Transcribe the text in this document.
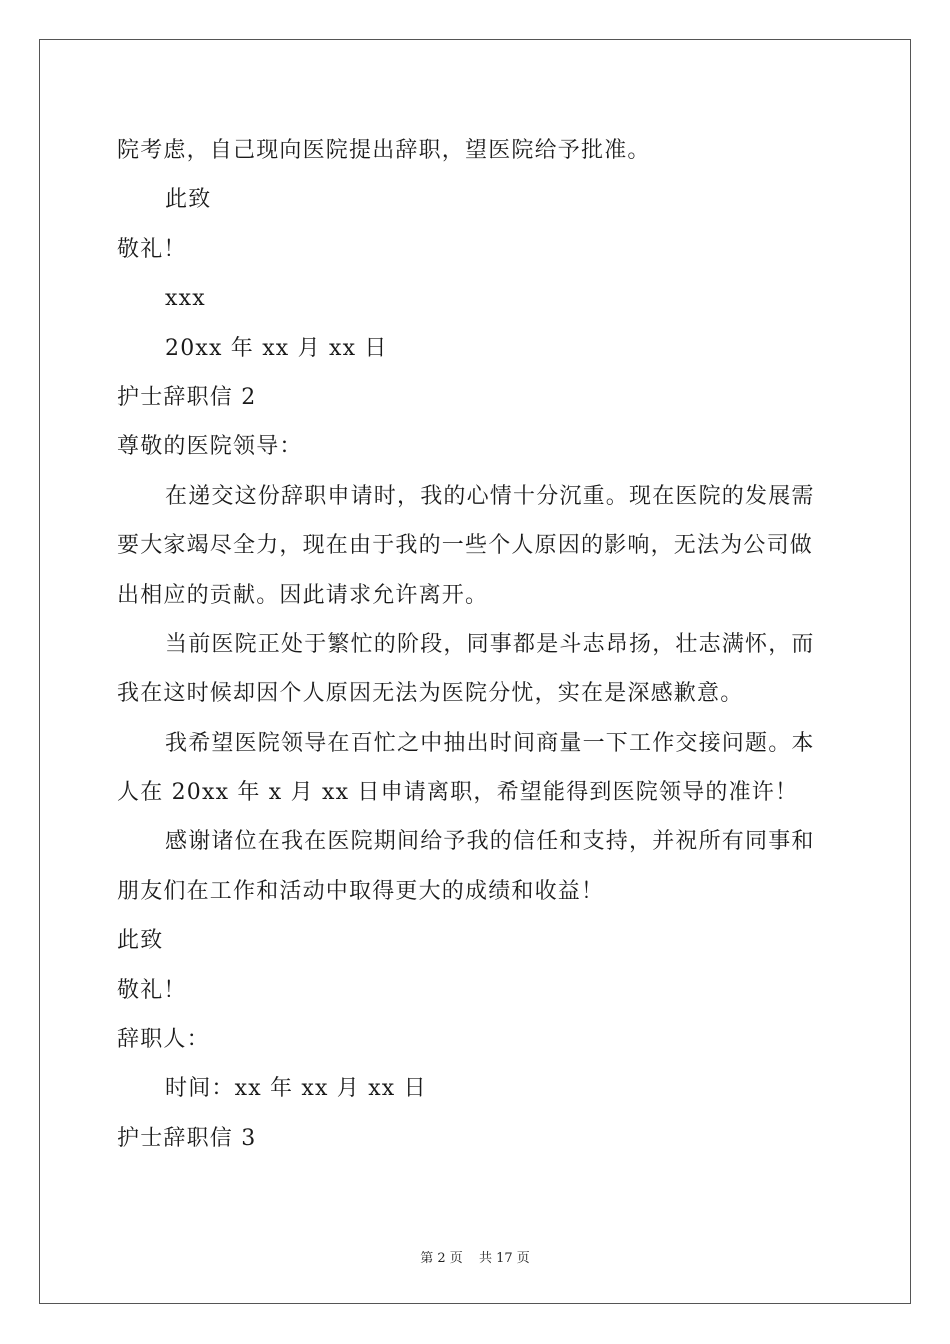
院考虑，自己现向医院提出辞职，望医院给予批准。
此致
敬礼！
xxx
20xx 年 xx 月 xx 日
护士辞职信 2
尊敬的医院领导：
在递交这份辞职申请时，我的心情十分沉重。现在医院的发展需
要大家竭尽全力，现在由于我的一些个人原因的影响，无法为公司做
出相应的贡献。因此请求允许离开。
当前医院正处于繁忙的阶段，同事都是斗志昂扬，壮志满怀，而
我在这时候却因个人原因无法为医院分忧，实在是深感歉意。
我希望医院领导在百忙之中抽出时间商量一下工作交接问题。本
人在 20xx 年 x 月 xx 日申请离职，希望能得到医院领导的准许！
感谢诸位在我在医院期间给予我的信任和支持，并祝所有同事和
朋友们在工作和活动中取得更大的成绩和收益！
此致
敬礼！
辞职人：
时间：xx 年 xx 月 xx 日
护士辞职信 3
第 2 页 共 17 页
